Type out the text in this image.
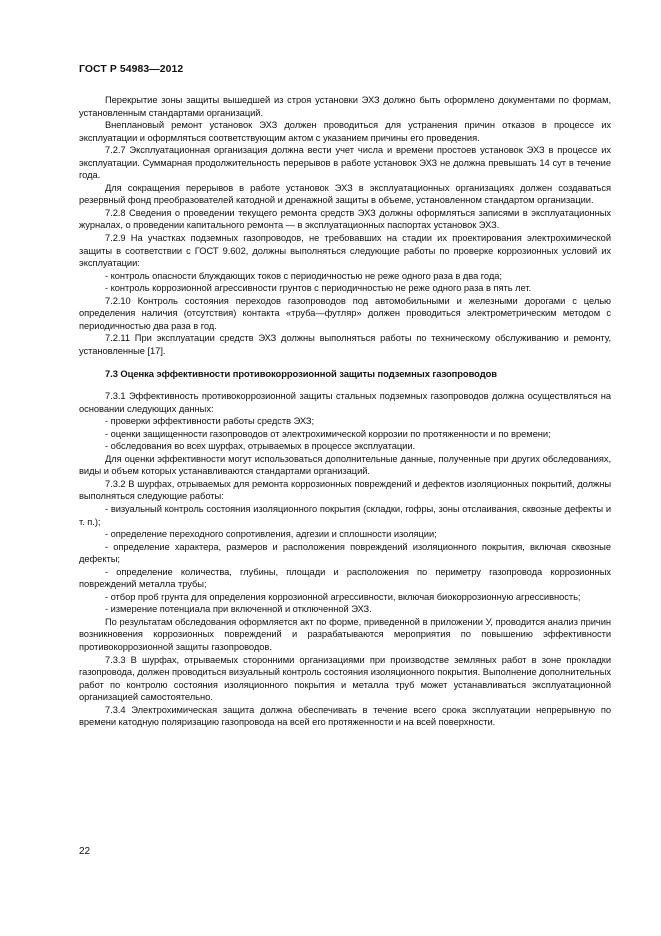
ГОСТ Р 54983—2012

Перекрытие зоны защиты вышедшей из строя установки ЭХЗ должно быть оформлено документами по формам, установленным стандартами организаций.

Внеплановый ремонт установок ЭХЗ должен проводиться для устранения причин отказов в процессе их эксплуатации и оформляться соответствующим актом с указанием причины его проведения.

7.2.7 Эксплуатационная организация должна вести учет числа и времени простоев установок ЭХЗ в процессе их эксплуатации. Суммарная продолжительность перерывов в работе установок ЭХЗ не должна превышать 14 сут в течение года.

Для сокращения перерывов в работе установок ЭХЗ в эксплуатационных организациях должен создаваться резервный фонд преобразователей катодной и дренажной защиты в объеме, установленном стандартом организации.

7.2.8 Сведения о проведении текущего ремонта средств ЭХЗ должны оформляться записями в эксплуатационных журналах, о проведении капитального ремонта — в эксплуатационных паспортах установок ЭХЗ.

7.2.9 На участках подземных газопроводов, не требовавших на стадии их проектирования электрохимической защиты в соответствии с ГОСТ 9.602, должны выполняться следующие работы по проверке коррозионных условий их эксплуатации:

- контроль опасности блуждающих токов с периодичностью не реже одного раза в два года;

- контроль коррозионной агрессивности грунтов с периодичностью не реже одного раза в пять лет.

7.2.10 Контроль состояния переходов газопроводов под автомобильными и железными дорогами с целью определения наличия (отсутствия) контакта «труба—футляр» должен проводиться электрометрическим методом с периодичностью два раза в год.

7.2.11 При эксплуатации средств ЭХЗ должны выполняться работы по техническому обслуживанию и ремонту, установленные [17].

7.3 Оценка эффективности противокоррозионной защиты подземных газопроводов

7.3.1 Эффективность противокоррозионной защиты стальных подземных газопроводов должна осуществляться на основании следующих данных:

- проверки эффективности работы средств ЭХЗ;

- оценки защищенности газопроводов от электрохимической коррозии по протяженности и по времени;

- обследования во всех шурфах, отрываемых в процессе эксплуатации.

Для оценки эффективности могут использоваться дополнительные данные, полученные при других обследованиях, виды и объем которых устанавливаются стандартами организаций.

7.3.2 В шурфах, отрываемых для ремонта коррозионных повреждений и дефектов изоляционных покрытий, должны выполняться следующие работы:

- визуальный контроль состояния изоляционного покрытия (складки, гофры, зоны отслаивания, сквозные дефекты и т. п.);

- определение переходного сопротивления, адгезии и сплошности изоляции;

- определение характера, размеров и расположения повреждений изоляционного покрытия, включая сквозные дефекты;

- определение количества, глубины, площади и расположения по периметру газопровода коррозионных повреждений металла трубы;

- отбор проб грунта для определения коррозионной агрессивности, включая биокоррозионную агрессивность;

- измерение потенциала при включенной и отключенной ЭХЗ.

По результатам обследования оформляется акт по форме, приведенной в приложении У, проводится анализ причин возникновения коррозионных повреждений и разрабатываются мероприятия по повышению эффективности противокоррозионной защиты газопроводов.

7.3.3 В шурфах, отрываемых сторонними организациями при производстве земляных работ в зоне прокладки газопровода, должен проводиться визуальный контроль состояния изоляционного покрытия. Выполнение дополнительных работ по контролю состояния изоляционного покрытия и металла труб может устанавливаться эксплуатационной организацией самостоятельно.

7.3.4 Электрохимическая защита должна обеспечивать в течение всего срока эксплуатации непрерывную по времени катодную поляризацию газопровода на всей его протяженности и на всей поверхности.

22
